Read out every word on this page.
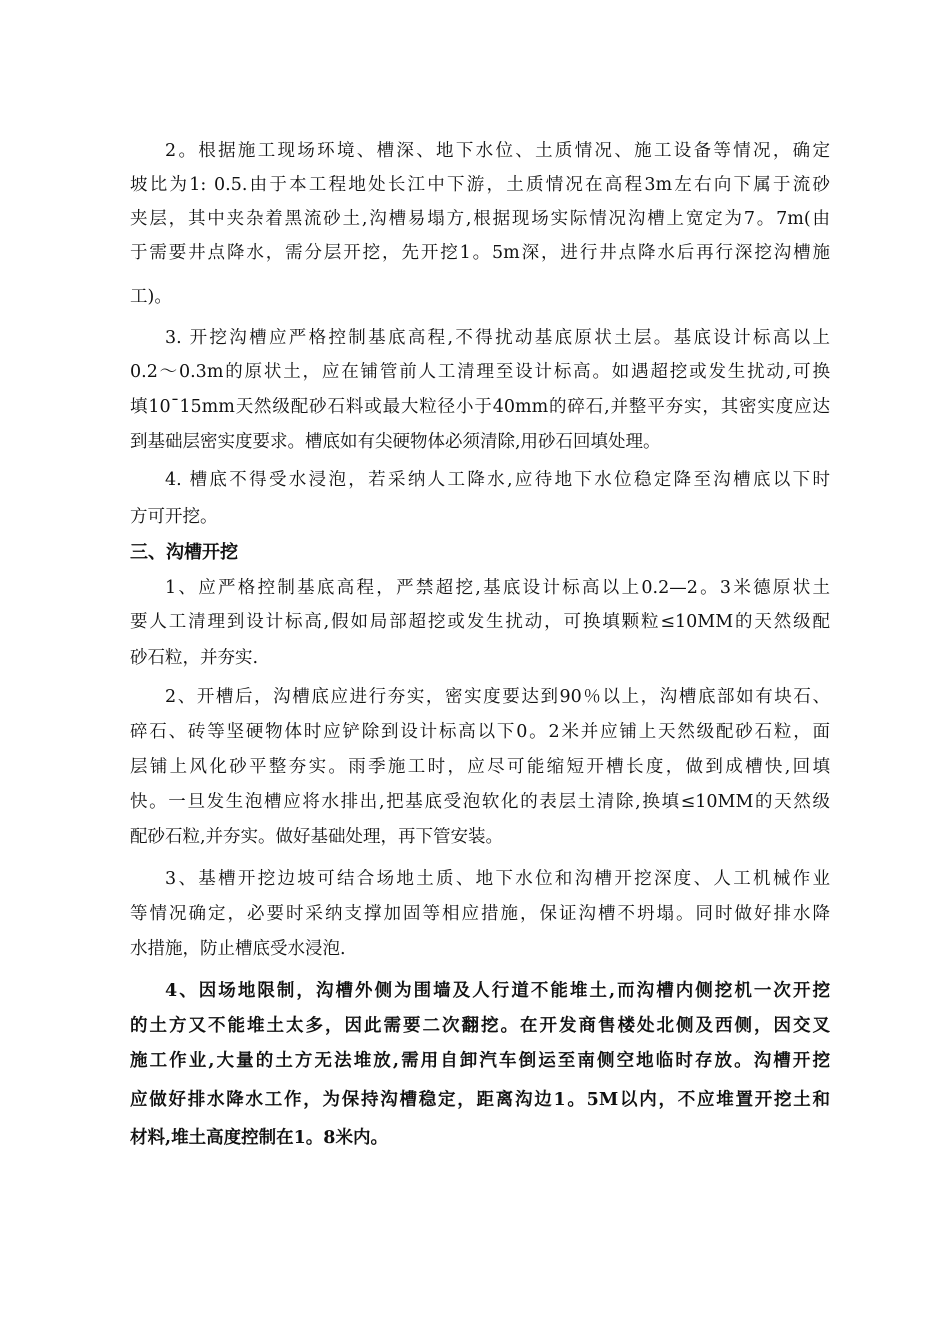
2。根据施工现场环境、槽深、地下水位、土质情况、施工设备等情况，确定
坡比为1: 0.5.由于本工程地处长江中下游，土质情况在高程3m左右向下属于流砂
夹层，其中夹杂着黑流砂土,沟槽易塌方,根据现场实际情况沟槽上宽定为7。7m(由
于需要井点降水，需分层开挖，先开挖1。5m深，进行井点降水后再行深挖沟槽施
工)。
3. 开挖沟槽应严格控制基底高程,不得扰动基底原状土层。基底设计标高以上
0.2～0.3m的原状土，应在铺管前人工清理至设计标高。如遇超挖或发生扰动,可换
填10¯15mm天然级配砂石料或最大粒径小于40mm的碎石,并整平夯实，其密实度应达
到基础层密实度要求。槽底如有尖硬物体必须清除,用砂石回填处理。
4. 槽底不得受水浸泡，若采纳人工降水,应待地下水位稳定降至沟槽底以下时
方可开挖。
三、沟槽开挖
1、应严格控制基底高程，严禁超挖,基底设计标高以上0.2—2。3米德原状土
要人工清理到设计标高,假如局部超挖或发生扰动，可换填颗粒≤10MM的天然级配
砂石粒，并夯实.
2、开槽后，沟槽底应进行夯实，密实度要达到90％以上，沟槽底部如有块石、
碎石、砖等坚硬物体时应铲除到设计标高以下0。2米并应铺上天然级配砂石粒，面
层铺上风化砂平整夯实。雨季施工时，应尽可能缩短开槽长度，做到成槽快,回填
快。一旦发生泡槽应将水排出,把基底受泡软化的表层土清除,换填≤10MM的天然级
配砂石粒,并夯实。做好基础处理，再下管安装。
3、基槽开挖边坡可结合场地土质、地下水位和沟槽开挖深度、人工机械作业
等情况确定，必要时采纳支撑加固等相应措施，保证沟槽不坍塌。同时做好排水降
水措施，防止槽底受水浸泡.
4、因场地限制，沟槽外侧为围墙及人行道不能堆土,而沟槽内侧挖机一次开挖
的土方又不能堆土太多，因此需要二次翻挖。在开发商售楼处北侧及西侧，因交叉
施工作业,大量的土方无法堆放,需用自卸汽车倒运至南侧空地临时存放。沟槽开挖
应做好排水降水工作，为保持沟槽稳定，距离沟边1。5M以内，不应堆置开挖土和
材料,堆土高度控制在1。8米内。
